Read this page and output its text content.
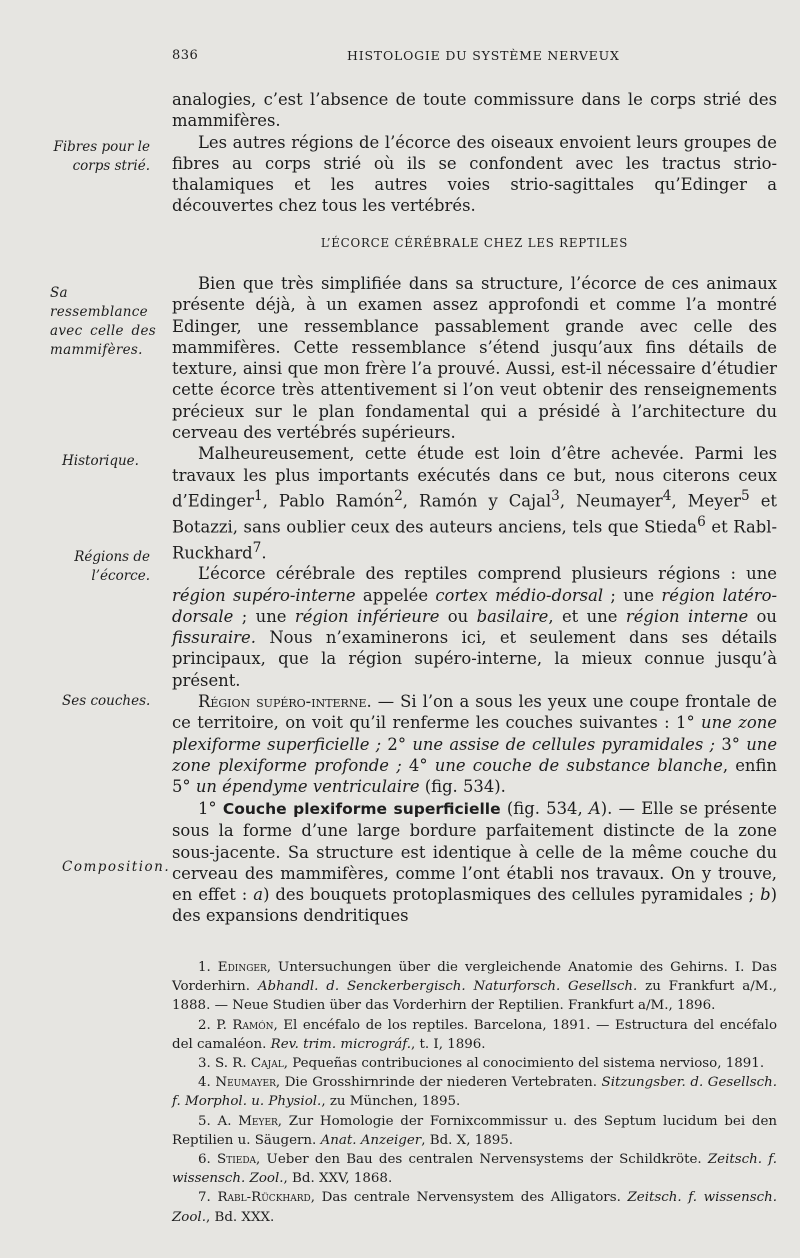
836	HISTOLOGIE DU SYSTÈME NERVEUX

analogies, c’est l’absence de toute commissure dans le corps strié des mammifères.

Les autres régions de l’écorce des oiseaux envoient leurs groupes de fibres au corps strié où ils se confondent avec les tractus strio-thalamiques et les autres voies strio-sagittales qu’Edinger a découvertes chez tous les vertébrés.

L’ÉCORCE CÉRÉBRALE CHEZ LES REPTILES

Bien que très simplifiée dans sa structure, l’écorce de ces animaux présente déjà, à un examen assez approfondi et comme l’a montré Edinger, une ressemblance passablement grande avec celle des mammifères. Cette ressemblance s’étend jusqu’aux fins détails de texture, ainsi que mon frère l’a prouvé. Aussi, est-il nécessaire d’étudier cette écorce très attentivement si l’on veut obtenir des renseignements précieux sur le plan fondamental qui a présidé à l’architecture du cerveau des vertébrés supérieurs.

Malheureusement, cette étude est loin d’être achevée. Parmi les travaux les plus importants exécutés dans ce but, nous citerons ceux d’Edinger$^1$, Pablo Ramón$^2$, Ramón y Cajal$^3$, Neumayer$^4$, Meyer$^5$ et Botazzi, sans oublier ceux des auteurs anciens, tels que Stieda$^6$ et Rabl-Ruckhard$^7$.

L’écorce cérébrale des reptiles comprend plusieurs régions : une région supéro-interne appelée cortex médio-dorsal ; une région latéro-dorsale ; une région inférieure ou basilaire, et une région interne ou fissuraire. Nous n’examinerons ici, et seulement dans ses détails principaux, que la région supéro-interne, la mieux connue jusqu’à présent.

Région supéro-interne. — Si l’on a sous les yeux une coupe frontale de ce territoire, on voit qu’il renferme les couches suivantes : 1° une zone plexiforme superficielle ; 2° une assise de cellules pyramidales ; 3° une zone plexiforme profonde ; 4° une couche de substance blanche, enfin 5° un épendyme ventriculaire (fig. 534).

1° Couche plexiforme superficielle (fig. 534, A). — Elle se présente sous la forme d’une large bordure parfaitement distincte de la zone sous-jacente. Sa structure est identique à celle de la même couche du cerveau des mammifères, comme l’ont établi nos travaux. On y trouve, en effet : a) des bouquets protoplasmiques des cellules pyramidales ; b) des expansions dendritiques

Fibres pour le corps strié.
Sa ressemblance avec celle des mammifères.
Historique.
Régions de l’écorce.
Ses couches.
Composition.

1. Edinger, Untersuchungen über die vergleichende Anatomie des Gehirns. I. Das Vorderhirn. Abhandl. d. Senckerbergisch. Naturforsch. Gesellsch. zu Frankfurt a/M., 1888. — Neue Studien über das Vorderhirn der Reptilien. Frankfurt a/M., 1896.

2. P. Ramón, El encéfalo de los reptiles. Barcelona, 1891. — Estructura del encéfalo del camaléon. Rev. trim. micrográf., t. I, 1896.

3. S. R. Cajal, Pequeñas contribuciones al conocimiento del sistema nervioso, 1891.

4. Neumayer, Die Grosshirnrinde der niederen Vertebraten. Sitzungsber. d. Gesellsch. f. Morphol. u. Physiol., zu München, 1895.

5. A. Meyer, Zur Homologie der Fornixcommissur u. des Septum lucidum bei den Reptilien u. Säugern. Anat. Anzeiger, Bd. X, 1895.

6. Stieda, Ueber den Bau des centralen Nervensystems der Schildkröte. Zeitsch. f. wissensch. Zool., Bd. XXV, 1868.

7. Rabl-Rückhard, Das centrale Nervensystem des Alligators. Zeitsch. f. wissensch. Zool., Bd. XXX.
